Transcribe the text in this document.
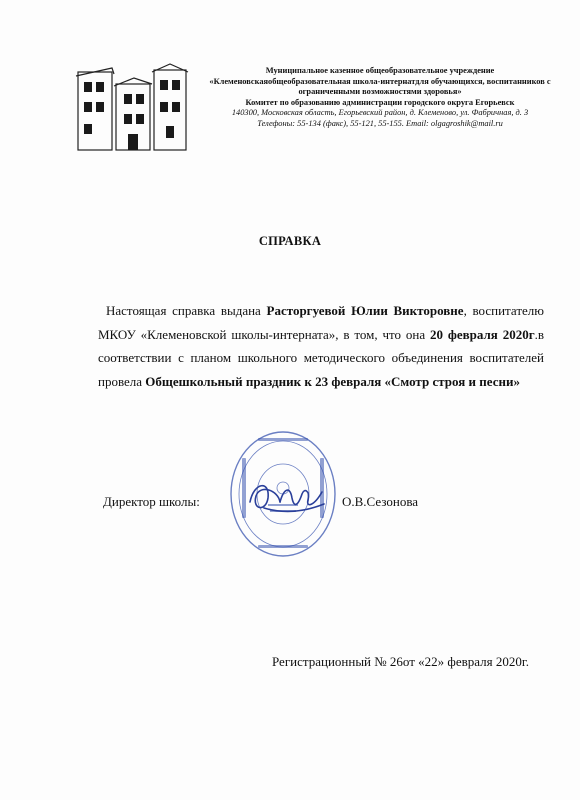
Муниципальное казенное общеобразовательное учреждение
«Клеменовскаяобщеобразовательная школа-интернатдля обучающихся, воспитанников с
ограниченными возможностями здоровья»
Комитет по образованию администрации городского округа Егорьевск
140300, Московская область, Егорьевский район, д. Клеменово, ул. Фабричная, д. 3
Телефоны: 55-134 (факс), 55-121, 55-155. Email: olgagroshik@mail.ru
СПРАВКА
Настоящая справка выдана Расторгуевой Юлии Викторовне, воспитателю МКОУ «Клеменовской школы-интерната», в том, что она 20 февраля 2020г.в соответствии с планом школьного методического объединения воспитателей провела Общешкольный праздник к 23 февраля «Смотр строя и песни»
Директор школы:	О.В.Сезонова
Регистрационный № 26от «22» февраля 2020г.
